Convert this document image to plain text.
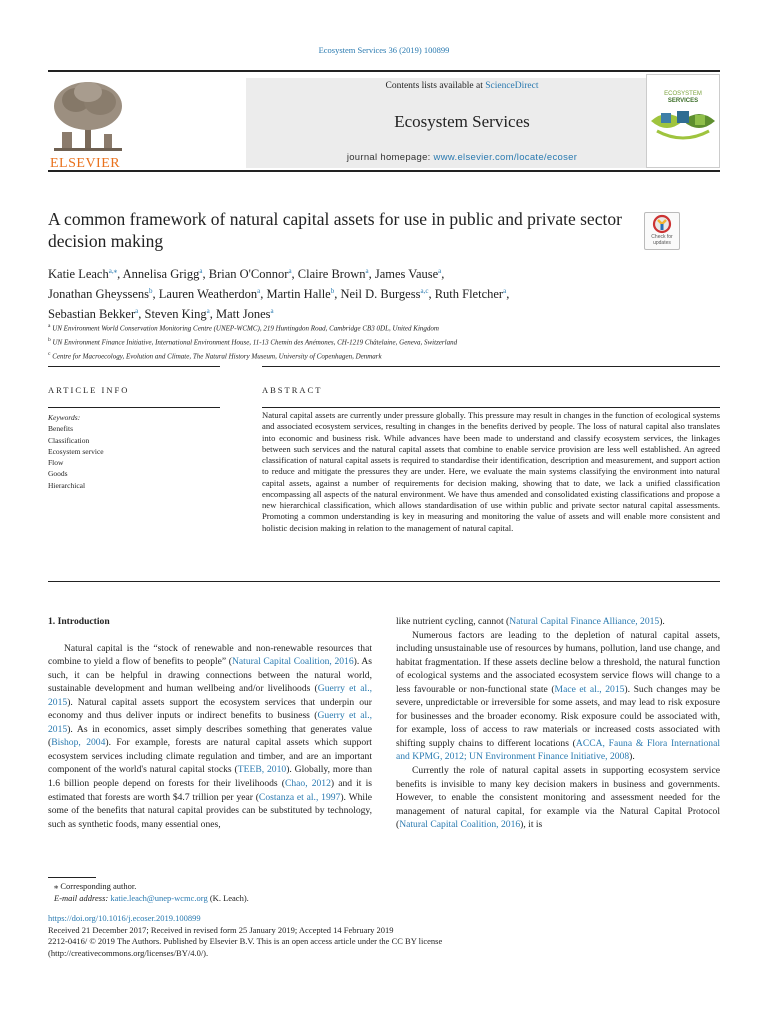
Ecosystem Services 36 (2019) 100899
ELSEVIER
Contents lists available at ScienceDirect
Ecosystem Services
journal homepage: www.elsevier.com/locate/ecoser
ECOSYSTEM
SERVICES
A common framework of natural capital assets for use in public and private sector decision making	Check for updates
Katie Leach$^{a,⁎}$, Annelisa Grigg$^a$, Brian O'Connor$^a$, Claire Brown$^a$, James Vause$^a$,
Jonathan Gheyssens$^b$, Lauren Weatherdon$^a$, Martin Halle$^b$, Neil D. Burgess$^{a,c}$, Ruth Fletcher$^a$,
Sebastian Bekker$^a$, Steven King$^a$, Matt Jones$^a$
$^a$ UN Environment World Conservation Monitoring Centre (UNEP-WCMC), 219 Huntingdon Road, Cambridge CB3 0DL, United Kingdom
$^b$ UN Environment Finance Initiative, International Environment House, 11-13 Chemin des Anémones, CH-1219 Châtelaine, Geneva, Switzerland
$^c$ Centre for Macroecology, Evolution and Climate, The Natural History Museum, University of Copenhagen, Denmark
ARTICLE INFO	ABSTRACT
Keywords:
Benefits
Classification
Ecosystem service
Flow
Goods
Hierarchical
Natural capital assets are currently under pressure globally. This pressure may result in changes in the function of ecological systems and associated ecosystem services, resulting in changes in the benefits derived by people. The loss of natural capital also translates into economic and business risk. While advances have been made to understand and classify ecosystem services, the linkages between such services and the natural capital assets that combine to enable service provision are less well established. An agreed classification of natural capital assets is required to standardise their identification, description and measurement, and support action to reduce and mitigate the pressures they are under. Here, we evaluate the main systems classifying the environment into natural capital assets, against a number of requirements for decision making, showing that to date, we lack a unified classification encompassing all aspects of the natural environment. We have thus amended and consolidated existing classifications and propose a new hierarchical classification, which allows standardisation of use within public and private sector natural capital assessments. Promoting a common understanding is key in measuring and monitoring the value of assets and will enable more consistent and holistic decision making in relation to the management of natural capital.
1. Introduction

Natural capital is the “stock of renewable and non-renewable resources that combine to yield a flow of benefits to people” (Natural Capital Coalition, 2016). As such, it can be helpful in drawing connections between the natural world, sustainable development and human wellbeing and/or livelihoods (Guerry et al., 2015). Natural capital assets support the ecosystem services that underpin our economy and thus deliver inputs or indirect benefits to business (Guerry et al., 2015). As in economics, asset simply describes something that generates value (Bishop, 2004). For example, forests are natural capital assets which support ecosystem services including climate regulation and timber, and are an important component of the world's natural capital stocks (TEEB, 2010). Globally, more than 1.6 billion people depend on forests for their livelihoods (Chao, 2012) and it is estimated that forests are worth $4.7 trillion per year (Costanza et al., 1997). While some of the benefits that natural capital provides can be substituted by technology, such as synthetic foods, many essential ones,

like nutrient cycling, cannot (Natural Capital Finance Alliance, 2015).

Numerous factors are leading to the depletion of natural capital assets, including unsustainable use of resources by humans, pollution, land use change, and habitat fragmentation. If these assets decline below a threshold, the natural function of ecological systems and the associated ecosystem service flows will change to a less favourable or non-functional state (Mace et al., 2015). Such changes may be severe, unpredictable or irreversible for some assets, and may lead to risk exposure for businesses and the broader economy. Risk exposure could be associated with, for example, loss of access to raw materials or increased costs associated with shifting supply chains to different locations (ACCA, Fauna & Flora International and KPMG, 2012; UN Environment Finance Initiative, 2008).

Currently the role of natural capital assets in supporting ecosystem service benefits is invisible to many key decision makers in business and governments. However, to enable the consistent monitoring and assessment needed for the management of natural capital, for example via the Natural Capital Protocol (Natural Capital Coalition, 2016), it is

⁎ Corresponding author.
E-mail address: katie.leach@unep-wcmc.org (K. Leach).
https://doi.org/10.1016/j.ecoser.2019.100899
Received 21 December 2017; Received in revised form 25 January 2019; Accepted 14 February 2019
2212-0416/ © 2019 The Authors. Published by Elsevier B.V. This is an open access article under the CC BY license
(http://creativecommons.org/licenses/BY/4.0/).
